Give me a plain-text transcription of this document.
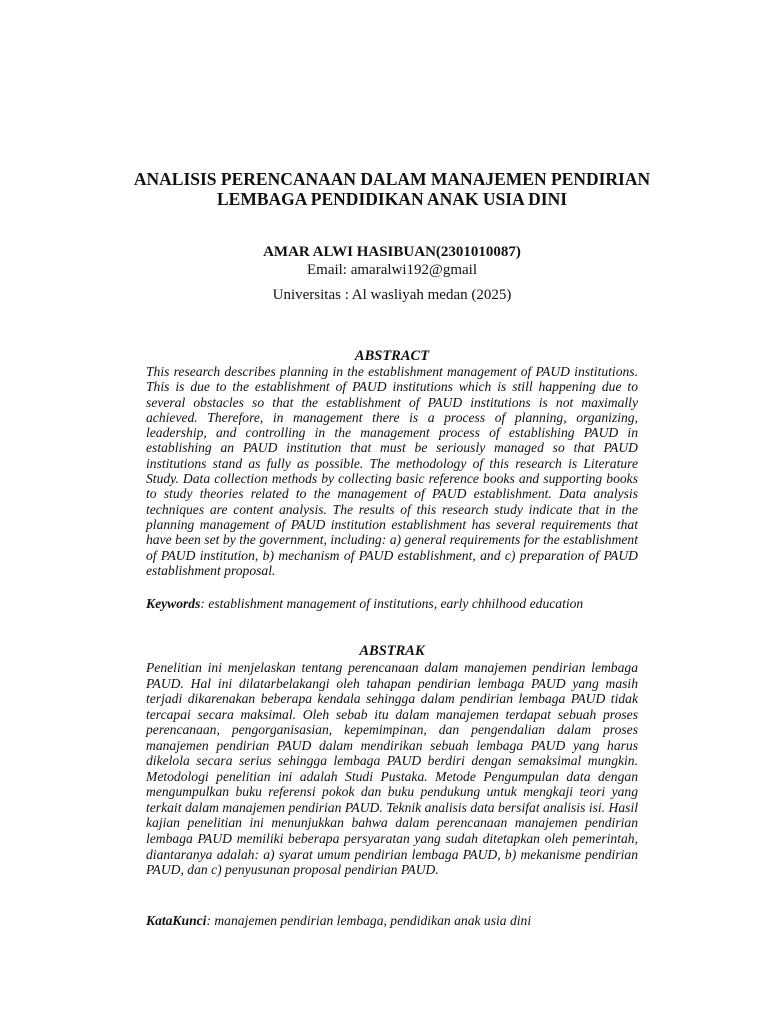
ANALISIS PERENCANAAN DALAM MANAJEMEN PENDIRIAN
LEMBAGA PENDIDIKAN ANAK USIA DINI
AMAR ALWI HASIBUAN(2301010087)
Email: amaralwi192@gmail
Universitas : Al wasliyah medan (2025)
ABSTRACT

This research describes planning in the establishment management of PAUD institutions. This is due to the establishment of PAUD institutions which is still happening due to several obstacles so that the establishment of PAUD institutions is not maximally achieved. Therefore, in management there is a process of planning, organizing, leadership, and controlling in the management process of establishing PAUD in establishing an PAUD institution that must be seriously managed so that PAUD institutions stand as fully as possible. The methodology of this research is Literature Study. Data collection methods by collecting basic reference books and supporting books to study theories related to the management of PAUD establishment. Data analysis techniques are content analysis. The results of this research study indicate that in the planning management of PAUD institution establishment has several requirements that have been set by the government, including: a) general requirements for the establishment of PAUD institution, b) mechanism of PAUD establishment, and c) preparation of PAUD establishment proposal.

Keywords: establishment management of institutions, early chhilhood education

ABSTRAK

Penelitian ini menjelaskan tentang perencanaan dalam manajemen pendirian lembaga PAUD. Hal ini dilatarbelakangi oleh tahapan pendirian lembaga PAUD yang masih terjadi dikarenakan beberapa kendala sehingga dalam pendirian lembaga PAUD tidak tercapai secara maksimal. Oleh sebab itu dalam manajemen terdapat sebuah proses perencanaan, pengorganisasian, kepemimpinan, dan pengendalian dalam proses manajemen pendirian PAUD dalam mendirikan sebuah lembaga PAUD yang harus dikelola secara serius sehingga lembaga PAUD berdiri dengan semaksimal mungkin. Metodologi penelitian ini adalah Studi Pustaka. Metode Pengumpulan data dengan mengumpulkan buku referensi pokok dan buku pendukung untuk mengkaji teori yang terkait dalam manajemen pendirian PAUD. Teknik analisis data bersifat analisis isi. Hasil kajian penelitian ini menunjukkan bahwa dalam perencanaan manajemen pendirian lembaga PAUD memiliki beberapa persyaratan yang sudah ditetapkan oleh pemerintah, diantaranya adalah: a) syarat umum pendirian lembaga PAUD, b) mekanisme pendirian PAUD, dan c) penyusunan proposal pendirian PAUD.

KataKunci: manajemen pendirian lembaga, pendidikan anak usia dini
